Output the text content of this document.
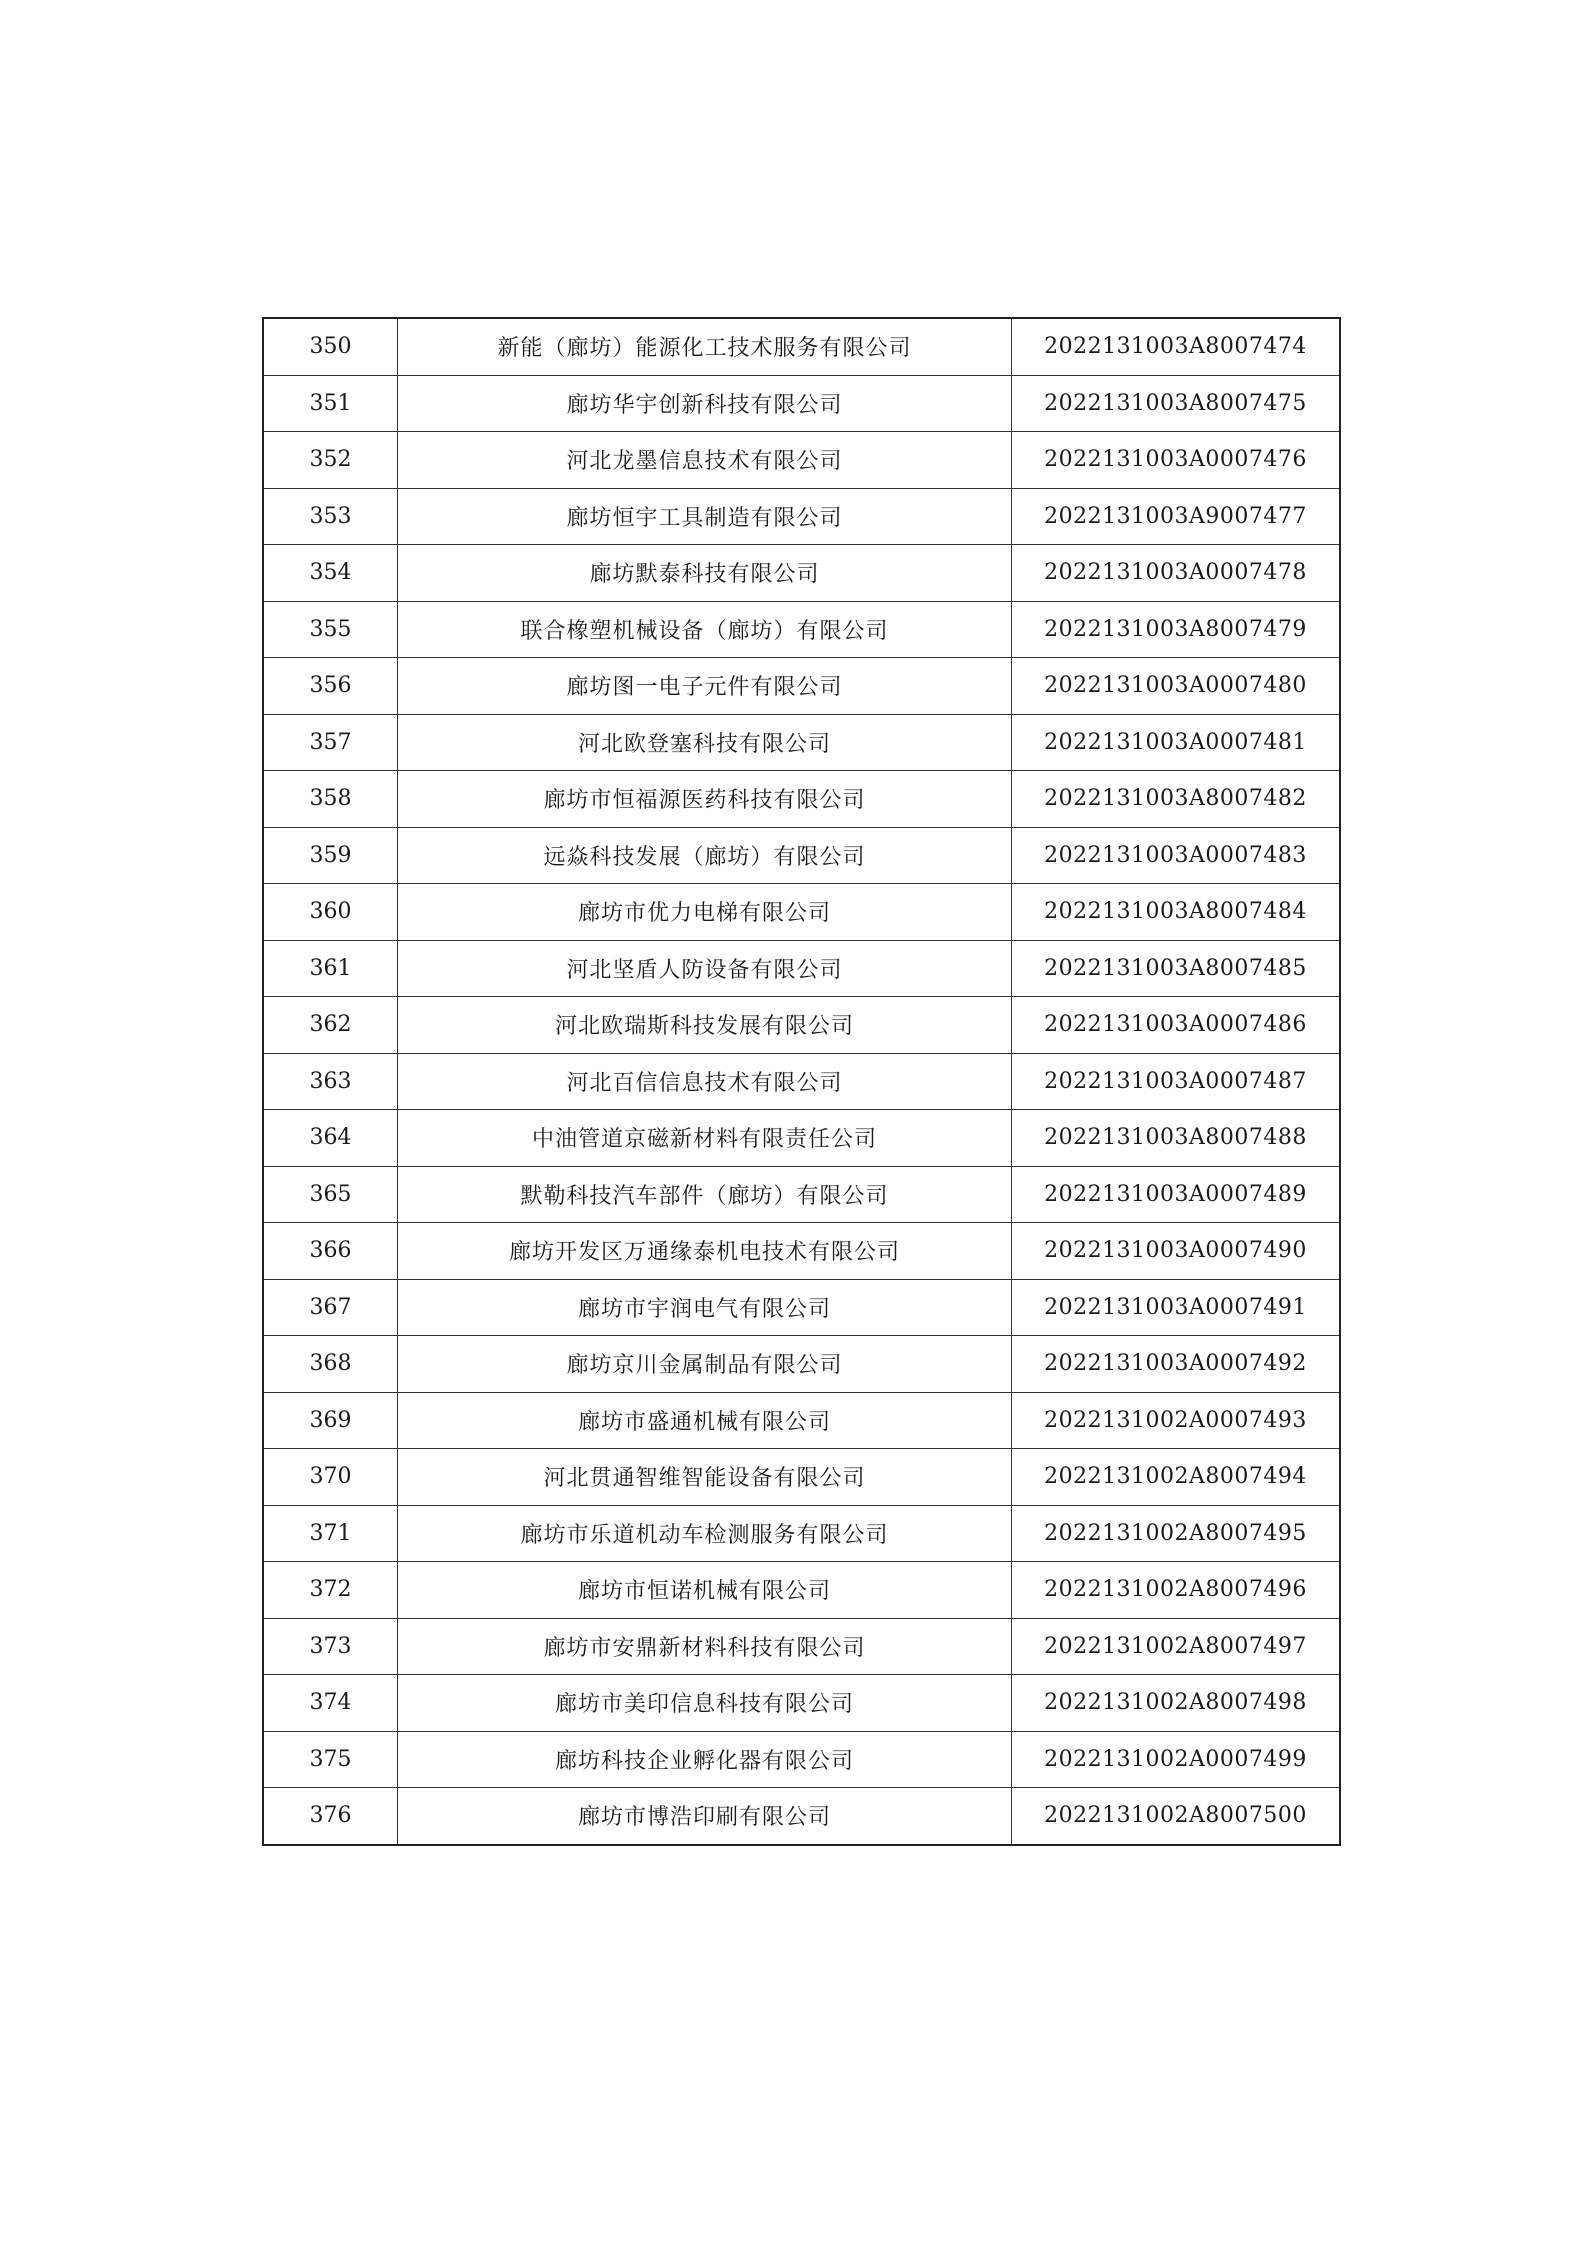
350	新能（廊坊）能源化工技术服务有限公司	2022131003A8007474
351	廊坊华宇创新科技有限公司	2022131003A8007475
352	河北龙墨信息技术有限公司	2022131003A0007476
353	廊坊恒宇工具制造有限公司	2022131003A9007477
354	廊坊默泰科技有限公司	2022131003A0007478
355	联合橡塑机械设备（廊坊）有限公司	2022131003A8007479
356	廊坊图一电子元件有限公司	2022131003A0007480
357	河北欧登塞科技有限公司	2022131003A0007481
358	廊坊市恒福源医药科技有限公司	2022131003A8007482
359	远焱科技发展（廊坊）有限公司	2022131003A0007483
360	廊坊市优力电梯有限公司	2022131003A8007484
361	河北坚盾人防设备有限公司	2022131003A8007485
362	河北欧瑞斯科技发展有限公司	2022131003A0007486
363	河北百信信息技术有限公司	2022131003A0007487
364	中油管道京磁新材料有限责任公司	2022131003A8007488
365	默勒科技汽车部件（廊坊）有限公司	2022131003A0007489
366	廊坊开发区万通缘泰机电技术有限公司	2022131003A0007490
367	廊坊市宇润电气有限公司	2022131003A0007491
368	廊坊京川金属制品有限公司	2022131003A0007492
369	廊坊市盛通机械有限公司	2022131002A0007493
370	河北贯通智维智能设备有限公司	2022131002A8007494
371	廊坊市乐道机动车检测服务有限公司	2022131002A8007495
372	廊坊市恒诺机械有限公司	2022131002A8007496
373	廊坊市安鼎新材料科技有限公司	2022131002A8007497
374	廊坊市美印信息科技有限公司	2022131002A8007498
375	廊坊科技企业孵化器有限公司	2022131002A0007499
376	廊坊市博浩印刷有限公司	2022131002A8007500
